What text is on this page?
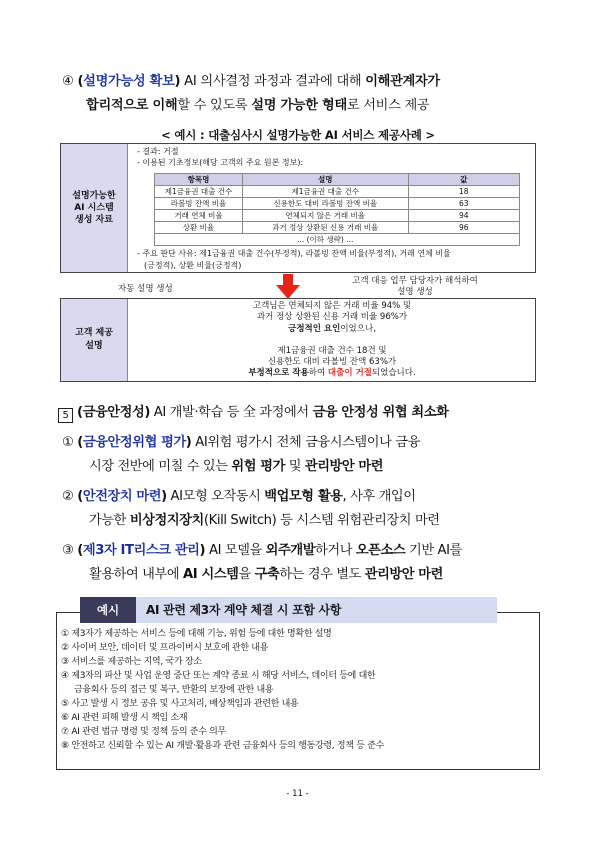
④ (설명가능성 확보) AI 의사결정 과정과 결과에 대해 이해관계자가
합리적으로 이해할 수 있도록 설명 가능한 형태로 서비스 제공
< 예시 : 대출심사시 설명가능한 AI 서비스 제공사례 >
설명가능한
AI 시스템
생성 자료
- 결과: 거절
- 이용된 기초정보(해당 고객의 주요 원본 정보):
항목명	설명	값
제1금융권 대출 건수	제1금융권 대출 건수	18
라볼빙 잔액 비율	신용한도 대비 라볼빙 잔액 비율	63
거래 연체 비율	연체되지 않은 거래 비율	94
상환 비율	과거 정상 상환된 신용 거래 비율	96
	... (이하 생략) ...	
- 주요 판단 사유: 제1금융권 대출 건수(부정적), 라볼빙 잔액 비율(부정적), 거래 연체 비율
(긍정적), 상환 비율(긍정적)
자동 설명 생성
고객 대응 업무 담당자가 해석하여
설명 생성
고객 제공
설명
고객님은 연체되지 않은 거래 비율 94% 및
과거 정상 상환된 신용 거래 비율 96%가
긍정적인 요인이었으나,
제1금융권 대출 건수 18건 및
신용한도 대비 라볼빙 잔액 63%가
부정적으로 작용하여 대출이 거절되었습니다.
5 (금융안정성) AI 개발·학습 등 全 과정에서 금융 안정성 위협 최소화
① (금융안정위협 평가) AI위험 평가시 전체 금융시스템이나 금융
시장 전반에 미칠 수 있는 위험 평가 및 관리방안 마련
② (안전장치 마련) AI모형 오작동시 백업모형 활용, 사후 개입이
가능한 비상정지장치(Kill Switch) 등 시스템 위험관리장치 마련
③ (제3자 IT리스크 관리) AI 모델을 외주개발하거나 오픈소스 기반 AI를
활용하여 내부에 AI 시스템을 구축하는 경우 별도 관리방안 마련
예시	AI 관련 제3자 계약 체결 시 포함 사항
① 제3자가 제공하는 서비스 등에 대해 기능, 위험 등에 대한 명확한 설명
② 사이버 보안, 데이터 및 프라이버시 보호에 관한 내용
③ 서비스를 제공하는 지역, 국가 장소
④ 제3자의 파산 및 사업 운영 중단 또는 계약 종료 시 해당 서비스, 데이터 등에 대한
금융회사 등의 접근 및 복구, 반환의 보장에 관한 내용
⑤ 사고 발생 시 정보 공유 및 사고처리, 배상책임과 관련한 내용
⑥ AI 관련 피해 발생 시 책임 소재
⑦ AI 관련 법규 명령 및 정책 등의 준수 의무
⑧ 안전하고 신뢰할 수 있는 AI 개발·활용과 관련 금융회사 등의 행동강령, 정책 등 준수
- 11 -
